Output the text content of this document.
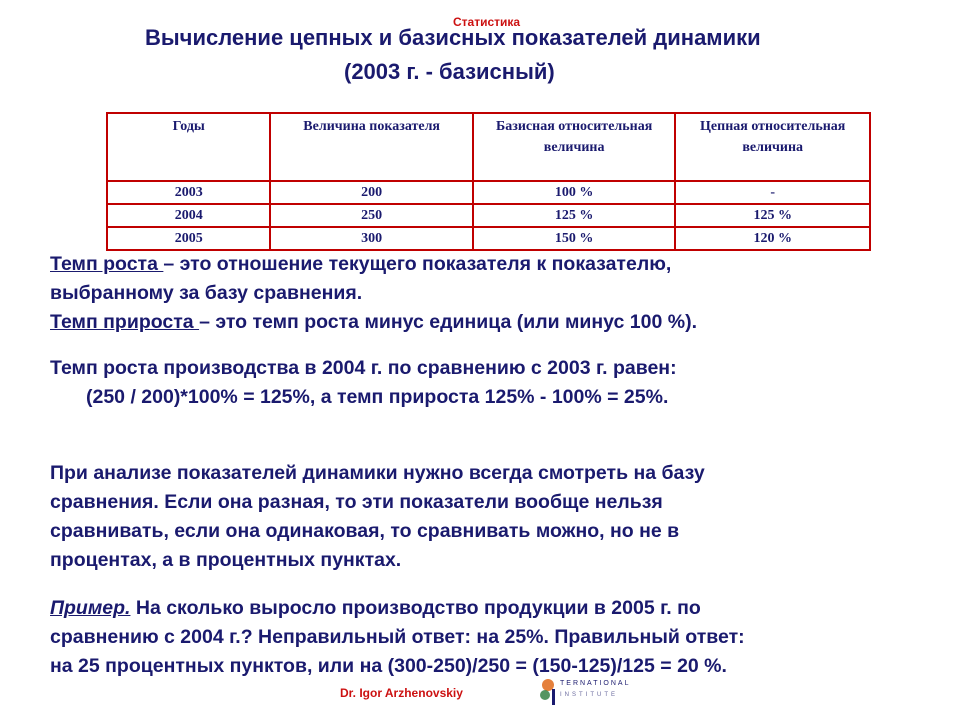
Статистика
Вычисление цепных и базисных показателей динамики
(2003 г. - базисный)
Годы	Величина показателя	Базисная относительная величина	Цепная относительная величина
2003	200	100 %	-
2004	250	125 %	125 %
2005	300	150 %	120 %
Темп роста – это отношение текущего показателя к показателю,
выбранному за базу сравнения.
Темп прироста – это темп роста минус единица (или минус 100 %).
Темп роста производства в 2004 г. по сравнению с 2003 г. равен:
(250 / 200)*100% = 125%, а темп прироста 125% - 100% = 25%.
При анализе показателей динамики нужно всегда смотреть на базу
сравнения. Если она разная, то эти показатели вообще нельзя
сравнивать, если она одинаковая, то сравнивать можно, но не в
процентах, а в процентных пунктах.
Пример. На сколько выросло производство продукции в 2005 г. по
сравнению с 2004 г.? Неправильный ответ: на 25%. Правильный ответ:
на 25 процентных пунктов, или на (300-250)/250 = (150-125)/125 = 20 %.
Dr. Igor Arzhenovskiy
TERNATIONAL
INSTITUTE
